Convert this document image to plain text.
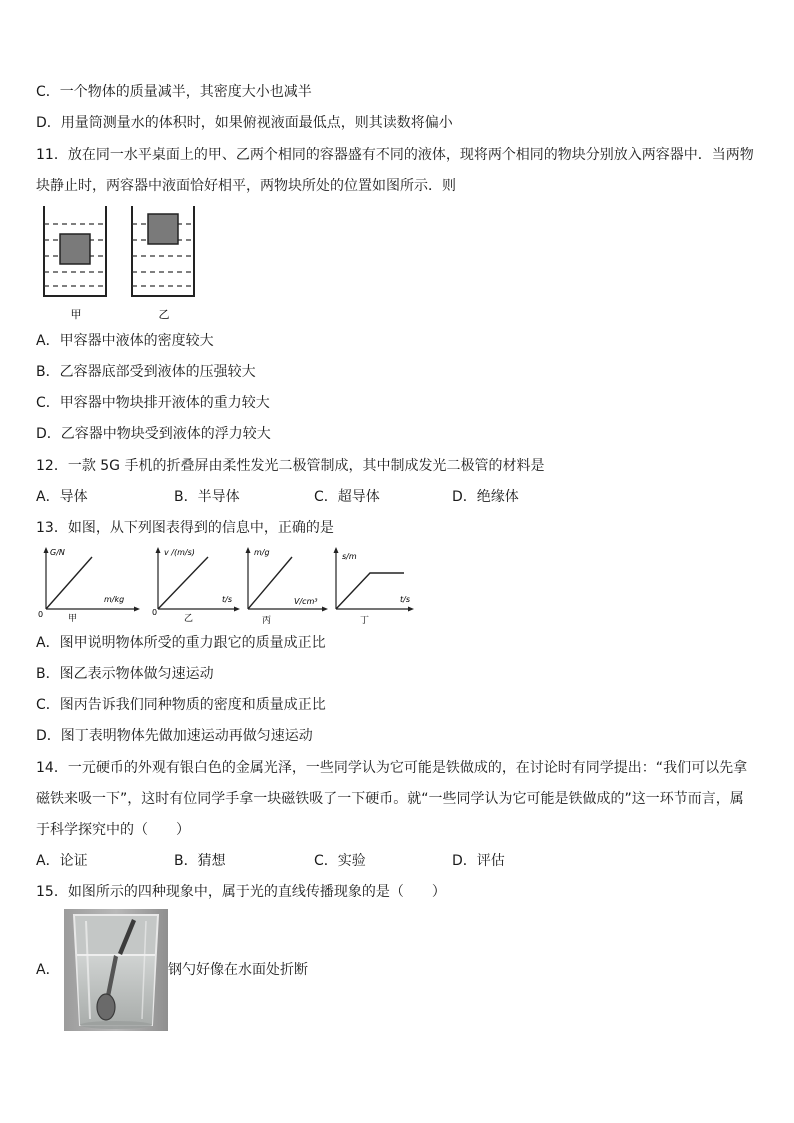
C．一个物体的质量减半，其密度大小也减半
D．用量筒测量水的体积时，如果俯视液面最低点，则其读数将偏小
11．放在同一水平桌面上的甲、乙两个相同的容器盛有不同的液体，现将两个相同的物块分别放入两容器中．当两物
块静止时，两容器中液面恰好相平，两物块所处的位置如图所示．则
甲	乙
A．甲容器中液体的密度较大
B．乙容器底部受到液体的压强较大
C．甲容器中物块排开液体的重力较大
D．乙容器中物块受到液体的浮力较大
12．一款 5G 手机的折叠屏由柔性发光二极管制成，其中制成发光二极管的材料是
A．导体	B．半导体	C．超导体	D．绝缘体
13．如图，从下列图表得到的信息中，正确的是
G/N
m/kg
0	甲
v /(m/s)
t/s
0
乙
m/g
V/cm³
丙
s/m
t/s
丁
A．图甲说明物体所受的重力跟它的质量成正比
B．图乙表示物体做匀速运动
C．图丙告诉我们同种物质的密度和质量成正比
D．图丁表明物体先做加速运动再做匀速运动
14．一元硬币的外观有银白色的金属光泽，一些同学认为它可能是铁做成的，在讨论时有同学提出：“我们可以先拿
磁铁来吸一下”，这时有位同学手拿一块磁铁吸了一下硬币。就“一些同学认为它可能是铁做成的”这一环节而言，属
于科学探究中的（　　）
A．论证	B．猜想	C．实验	D．评估
15．如图所示的四种现象中，属于光的直线传播现象的是（　　）
A．	钢勺好像在水面处折断
